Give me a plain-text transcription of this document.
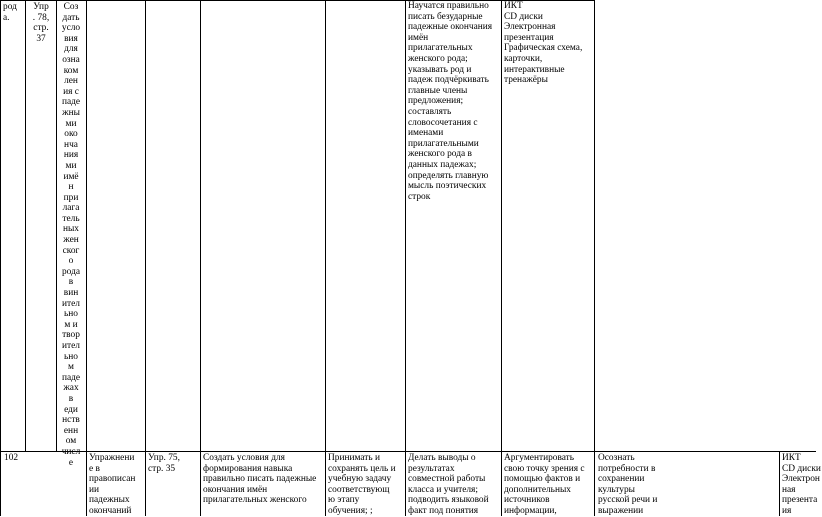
род
а.
Упр
. 78,
стр.
37
Соз
дать
усло
вия
для
озна
ком
лен
ия с
паде
жны
ми
око
нча
ния
ми
имё
н
при
лага
тель
ных
жен
ског
о
рода
в
вин
ител
ьно
м и
твор
ител
ьно
м
паде
жах
в
еди
нств
енн
ом
числ
е
Научатся правильно
писать безударные
падежные окончания
имён
прилагательных
женского рода;
указывать род и
падеж подчёркивать
главные члены
предложения;
составлять
словосочетания с
именами
прилагательными
женского рода в
данных падежах;
определять главную
мысль поэтических
строк
ИКТ
CD диски
Электронная
презентация
Графическая схема,
карточки,
интерактивные
тренажёры
102	Упражнени
е в
правописан
ии
падежных
окончаний
Упр. 75,
стр. 35
Создать условия для
формирования навыка
правильно писать падежные
окончания имён
прилагательных женского
Принимать и
сохранять цель и
учебную задачу
соответствующ
ю этапу
обучения; ;
Делать выводы о
результатах
совместной работы
класса и учителя;
подводить языковой
факт под понятия
Аргументировать
свою точку зрения с
помощью фактов и
дополнительных
источников
информации,
Осознать
потребности в
сохранении
культуры
русской речи и
выражении
ИКТ
CD диски
Электрон
ная
презента
ия
